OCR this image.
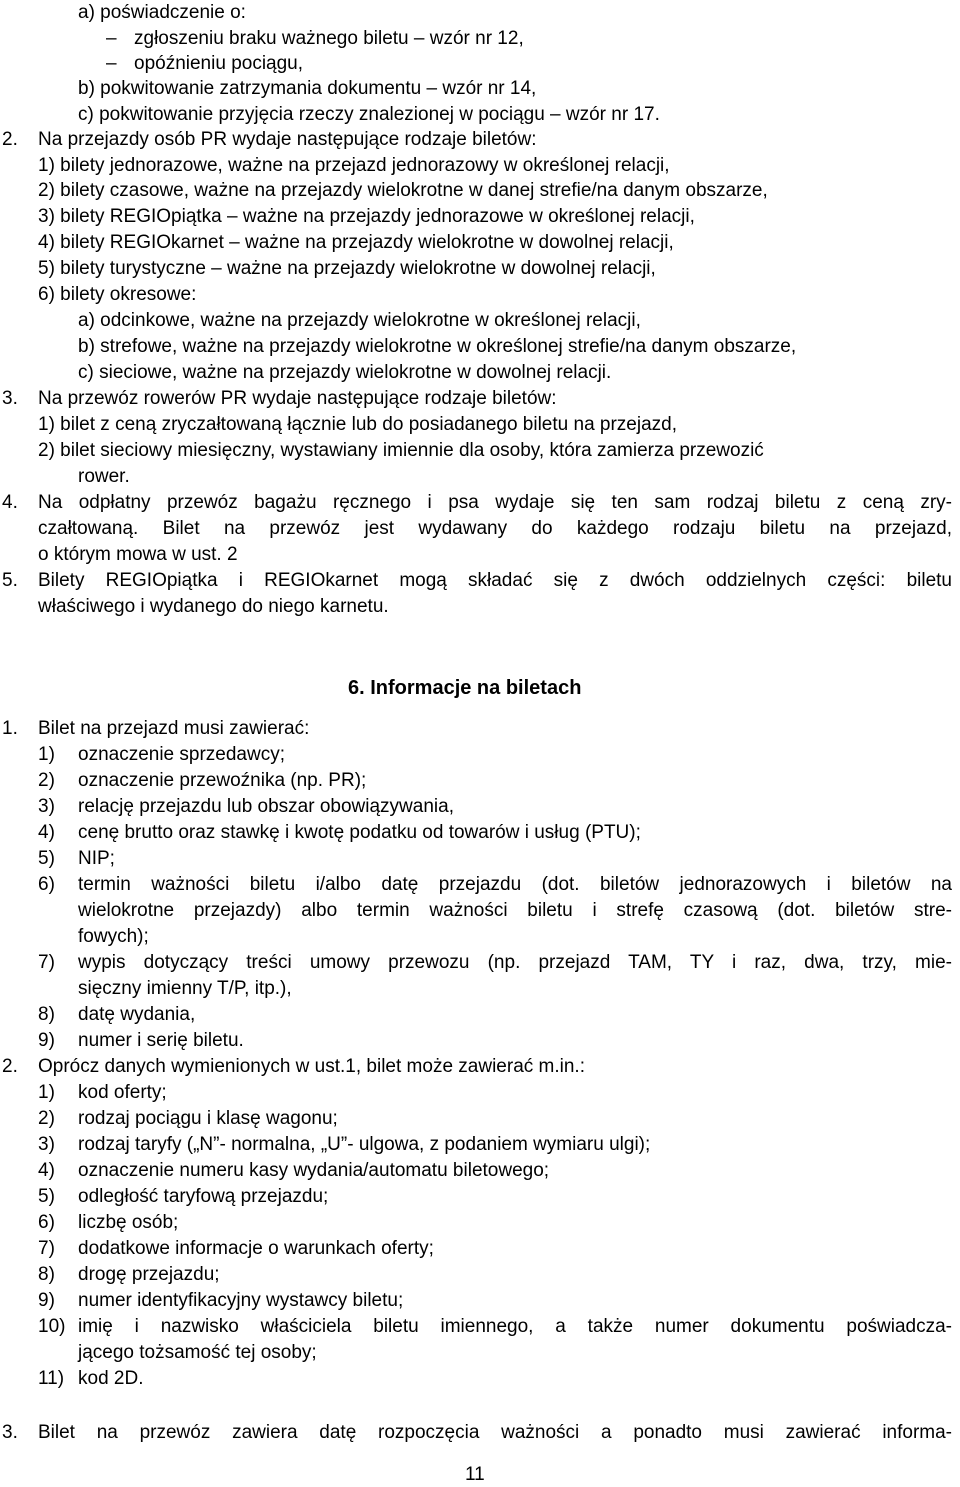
a) poświadczenie o:
– zgłoszeniu braku ważnego biletu – wzór nr 12,
– opóźnieniu pociągu,
b) pokwitowanie zatrzymania dokumentu – wzór nr 14,
c) pokwitowanie przyjęcia rzeczy znalezionej w pociągu – wzór nr 17.
2. Na przejazdy osób PR wydaje następujące rodzaje biletów:
1) bilety jednorazowe, ważne na przejazd jednorazowy w określonej relacji,
2) bilety czasowe, ważne na przejazdy wielokrotne w danej strefie/na danym obszarze,
3) bilety REGIOpiątka – ważne na przejazdy jednorazowe w określonej relacji,
4) bilety REGIOkarnet – ważne na przejazdy wielokrotne w dowolnej relacji,
5) bilety turystyczne – ważne na przejazdy wielokrotne w dowolnej relacji,
6) bilety okresowe:
a) odcinkowe, ważne na przejazdy wielokrotne w określonej relacji,
b) strefowe, ważne na przejazdy wielokrotne w określonej strefie/na danym obszarze,
c) sieciowe, ważne na przejazdy wielokrotne w dowolnej relacji.
3. Na przewóz rowerów PR wydaje następujące rodzaje biletów:
1) bilet z ceną zryczałtowaną łącznie lub do posiadanego biletu na przejazd,
2) bilet sieciowy miesięczny, wystawiany imiennie dla osoby, która zamierza przewozić
rower.
4. Na odpłatny przewóz bagażu ręcznego i psa wydaje się ten sam rodzaj biletu z ceną zry-
czałtowaną. Bilet na przewóz jest wydawany do każdego rodzaju biletu na przejazd,
o którym mowa w ust. 2
5. Bilety REGIOpiątka i REGIOkarnet mogą składać się z dwóch oddzielnych części: biletu
właściwego i wydanego do niego karnetu.
6. Informacje na biletach
1. Bilet na przejazd musi zawierać:
1) oznaczenie sprzedawcy;
2) oznaczenie przewoźnika (np. PR);
3) relację przejazdu lub obszar obowiązywania,
4) cenę brutto oraz stawkę i kwotę podatku od towarów i usług (PTU);
5) NIP;
6) termin ważności biletu i/albo datę przejazdu (dot. biletów jednorazowych i biletów na
wielokrotne przejazdy) albo termin ważności biletu i strefę czasową (dot. biletów stre-
fowych);
7) wypis dotyczący treści umowy przewozu (np. przejazd TAM, TY i raz, dwa, trzy, mie-
sięczny imienny T/P, itp.),
8) datę wydania,
9) numer i serię biletu.
2. Oprócz danych wymienionych w ust.1, bilet może zawierać m.in.:
1) kod oferty;
2) rodzaj pociągu i klasę wagonu;
3) rodzaj taryfy („N”- normalna, „U”- ulgowa, z podaniem wymiaru ulgi);
4) oznaczenie numeru kasy wydania/automatu biletowego;
5) odległość taryfową przejazdu;
6) liczbę osób;
7) dodatkowe informacje o warunkach oferty;
8) drogę przejazdu;
9) numer identyfikacyjny wystawcy biletu;
10) imię i nazwisko właściciela biletu imiennego, a także numer dokumentu poświadcza-
jącego tożsamość tej osoby;
11) kod 2D.
3. Bilet na przewóz zawiera datę rozpoczęcia ważności a ponadto musi zawierać informa-
11
